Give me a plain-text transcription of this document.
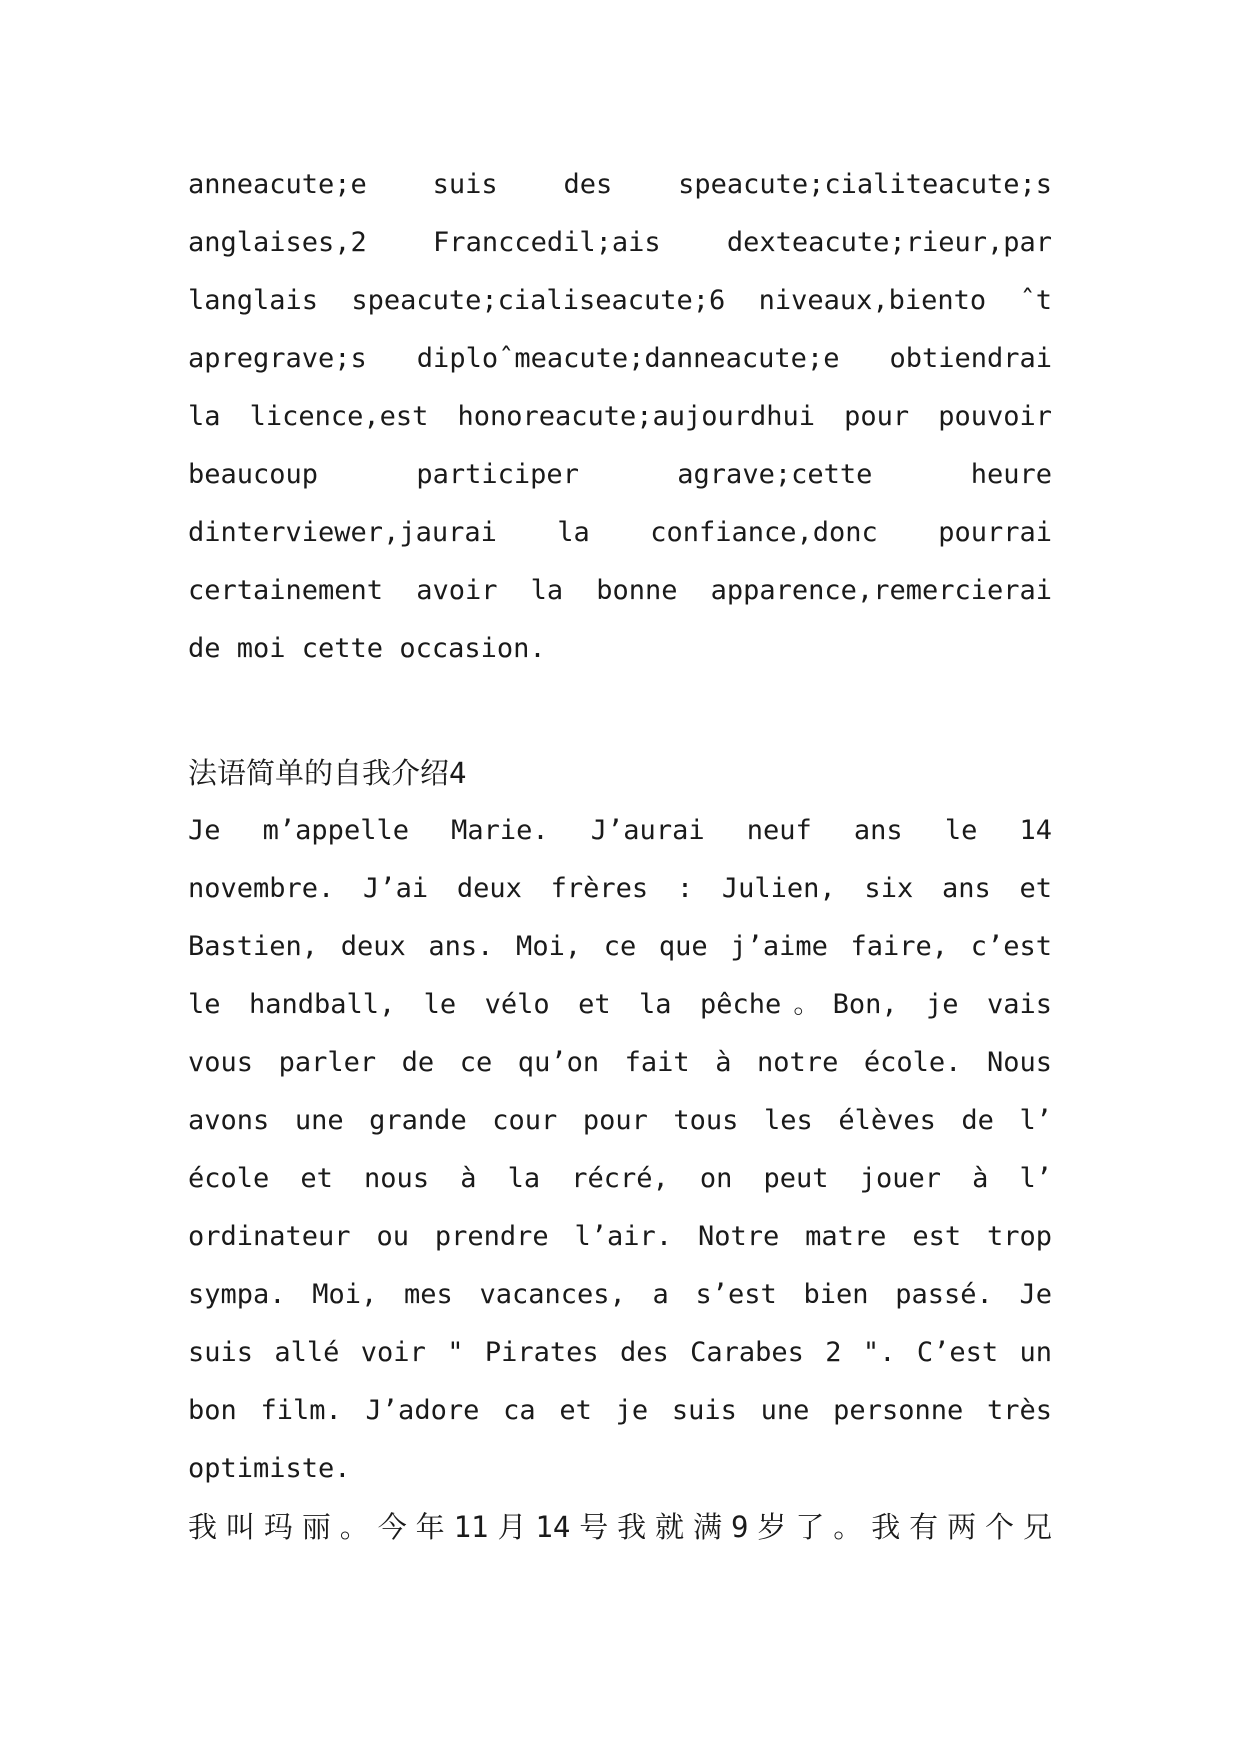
anneacute;e suis des speacute;cialiteacute;s
anglaises,2 Franccedil;ais dexteacute;rieur,par
langlais speacute;cialiseacute;6 niveaux,biento ˆt
apregrave;s diploˆmeacute;danneacute;e obtiendrai
la licence,est honoreacute;aujourdhui pour pouvoir
beaucoup participer agrave;cette heure
dinterviewer,jaurai la confiance,donc pourrai
certainement avoir la bonne apparence,remercierai
de moi cette occasion.
法语简单的自我介绍4
Je m’appelle Marie. J’aurai neuf ans le 14
novembre. J’ai deux frères : Julien, six ans et
Bastien, deux ans. Moi, ce que j’aime faire, c’est
le handball, le vélo et la pêche。Bon, je vais
vous parler de ce qu’on fait à notre école. Nous
avons une grande cour pour tous les élèves de l’
école et nous à la récré, on peut jouer à l’
ordinateur ou prendre l’air. Notre matre est trop
sympa. Moi, mes vacances, a s’est bien passé. Je
suis allé voir " Pirates des Carabes 2 ". C’est un
bon film. J’adore ca et je suis une personne très
optimiste.
我叫玛丽。今年11月14号我就满9岁了。我有两个兄
